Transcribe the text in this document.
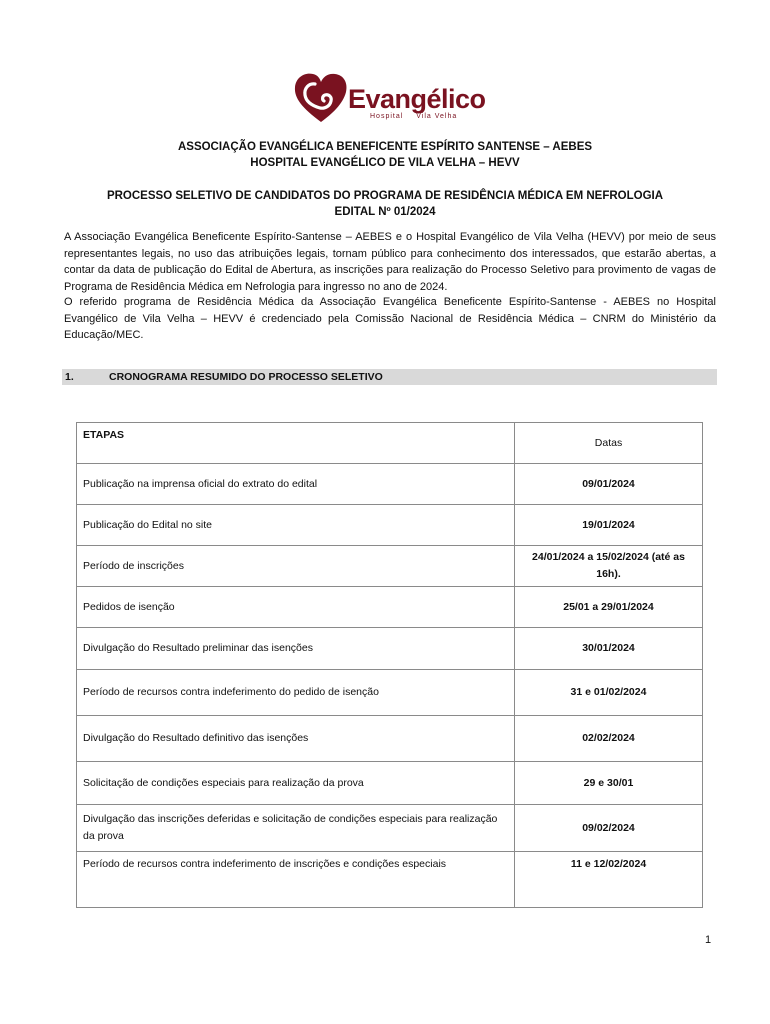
Evangélico
Hospital Vila Velha
ASSOCIAÇÃO EVANGÉLICA BENEFICENTE ESPÍRITO SANTENSE – AEBES
HOSPITAL EVANGÉLICO DE VILA VELHA – HEVV
PROCESSO SELETIVO DE CANDIDATOS DO PROGRAMA DE RESIDÊNCIA MÉDICA EM NEFROLOGIA
EDITAL Nº 01/2024
A Associação Evangélica Beneficente Espírito-Santense – AEBES e o Hospital Evangélico de Vila Velha (HEVV) por meio de seus representantes legais, no uso das atribuições legais, tornam público para conhecimento dos interessados, que estarão abertas, a contar da data de publicação do Edital de Abertura, as inscrições para realização do Processo Seletivo para provimento de vagas de Programa de Residência Médica em Nefrologia para ingresso no ano de 2024.
O referido programa de Residência Médica da Associação Evangélica Beneficente Espírito-Santense - AEBES no Hospital Evangélico de Vila Velha – HEVV é credenciado pela Comissão Nacional de Residência Médica – CNRM do Ministério da Educação/MEC.
1.	CRONOGRAMA RESUMIDO DO PROCESSO SELETIVO
ETAPAS	Datas

Publicação na imprensa oficial do extrato do edital	09/01/2024

Publicação do Edital no site	19/01/2024

Período de inscrições	24/01/2024 a 15/02/2024 (até as 16h).

Pedidos de isenção	25/01 a 29/01/2024

Divulgação do Resultado preliminar das isenções	30/01/2024

Período de recursos contra indeferimento do pedido de isenção	31 e 01/02/2024

Divulgação do Resultado definitivo das isenções	02/02/2024

Solicitação de condições especiais para realização da prova	29 e 30/01

Divulgação das inscrições deferidas e solicitação de condições especiais para realização da prova	09/02/2024

Período de recursos contra indeferimento de inscrições e condições especiais	11 e 12/02/2024
1
